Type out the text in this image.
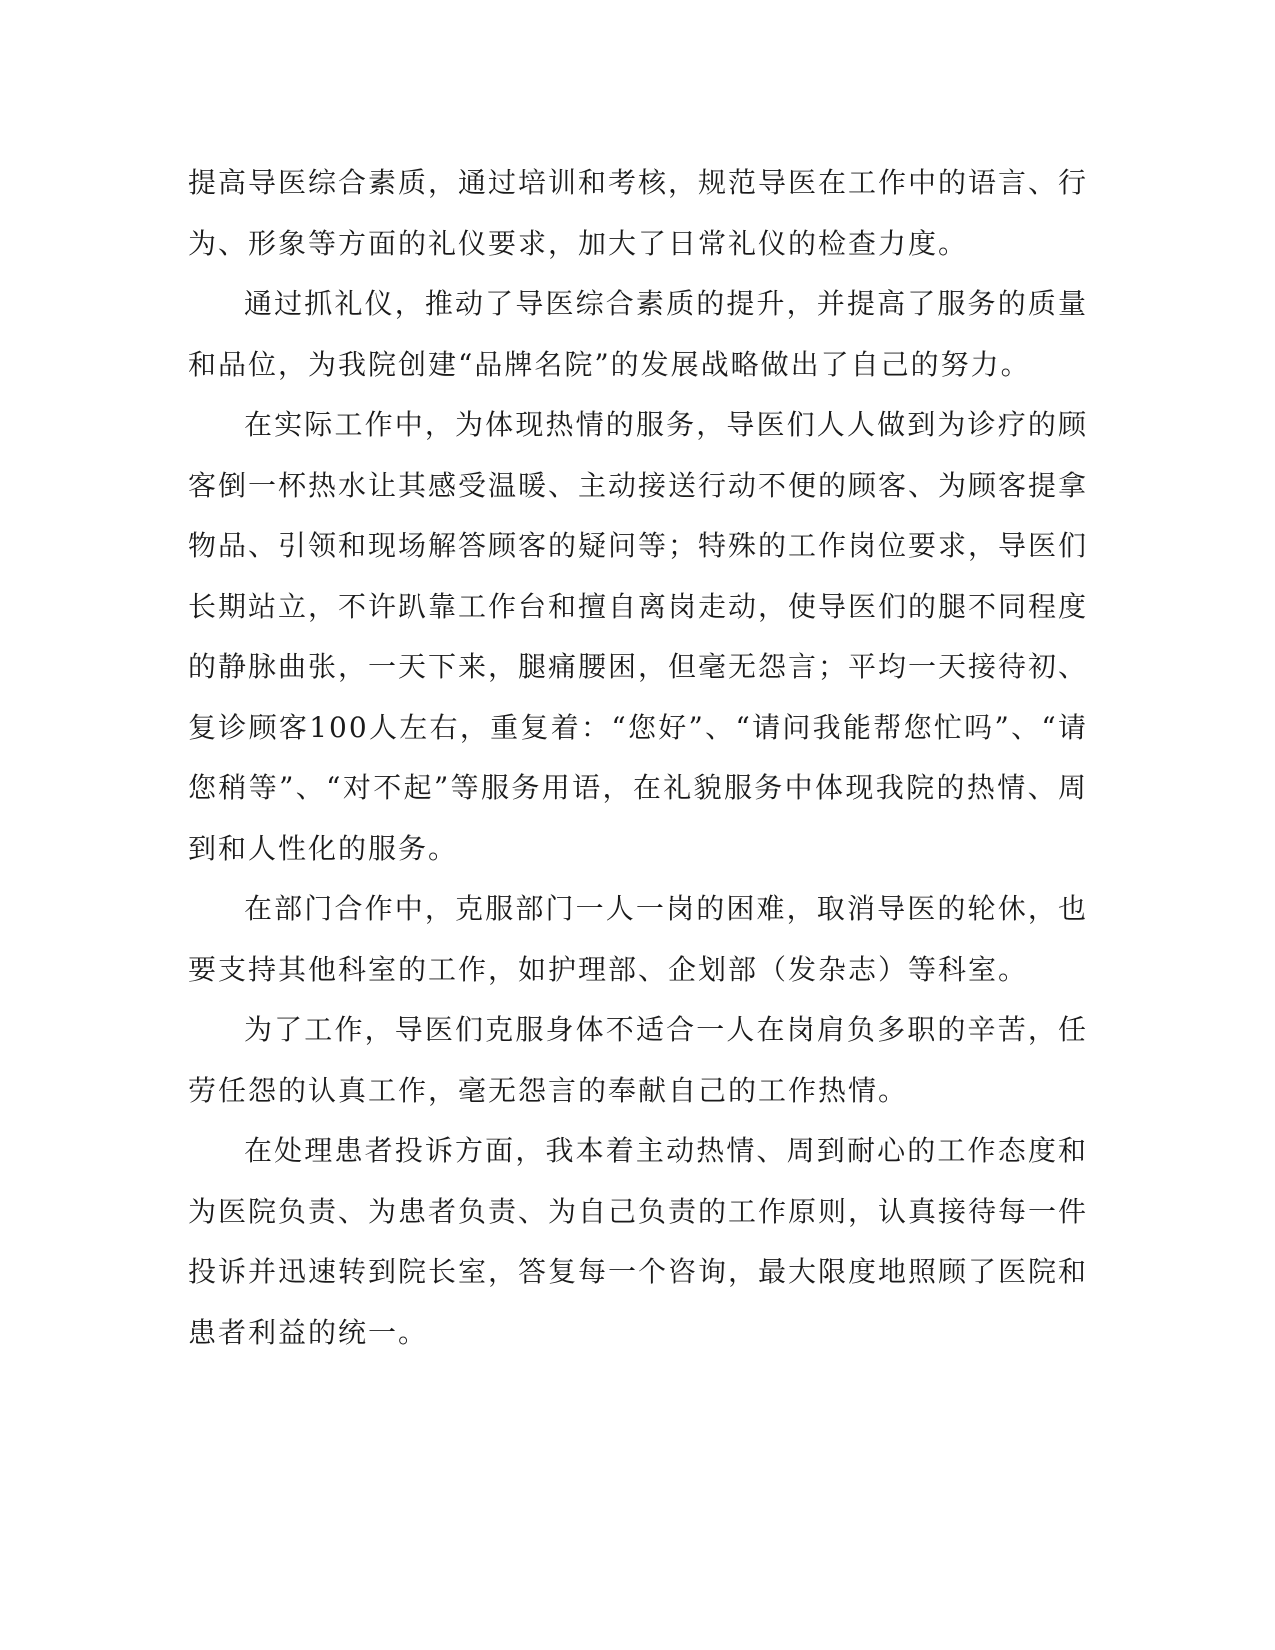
提高导医综合素质，通过培训和考核，规范导医在工作中的语言、行为、形象等方面的礼仪要求，加大了日常礼仪的检查力度。

通过抓礼仪，推动了导医综合素质的提升，并提高了服务的质量和品位，为我院创建“品牌名院”的发展战略做出了自己的努力。

在实际工作中，为体现热情的服务，导医们人人做到为诊疗的顾客倒一杯热水让其感受温暖、主动接送行动不便的顾客、为顾客提拿物品、引领和现场解答顾客的疑问等；特殊的工作岗位要求，导医们长期站立，不许趴靠工作台和擅自离岗走动，使导医们的腿不同程度的静脉曲张，一天下来，腿痛腰困，但毫无怨言；平均一天接待初、复诊顾客100人左右，重复着：“您好”、“请问我能帮您忙吗”、“请您稍等”、“对不起”等服务用语，在礼貌服务中体现我院的热情、周到和人性化的服务。

在部门合作中，克服部门一人一岗的困难，取消导医的轮休，也要支持其他科室的工作，如护理部、企划部（发杂志）等科室。

为了工作，导医们克服身体不适合一人在岗肩负多职的辛苦，任劳任怨的认真工作，毫无怨言的奉献自己的工作热情。

在处理患者投诉方面，我本着主动热情、周到耐心的工作态度和为医院负责、为患者负责、为自己负责的工作原则，认真接待每一件投诉并迅速转到院长室，答复每一个咨询，最大限度地照顾了医院和患者利益的统一。
